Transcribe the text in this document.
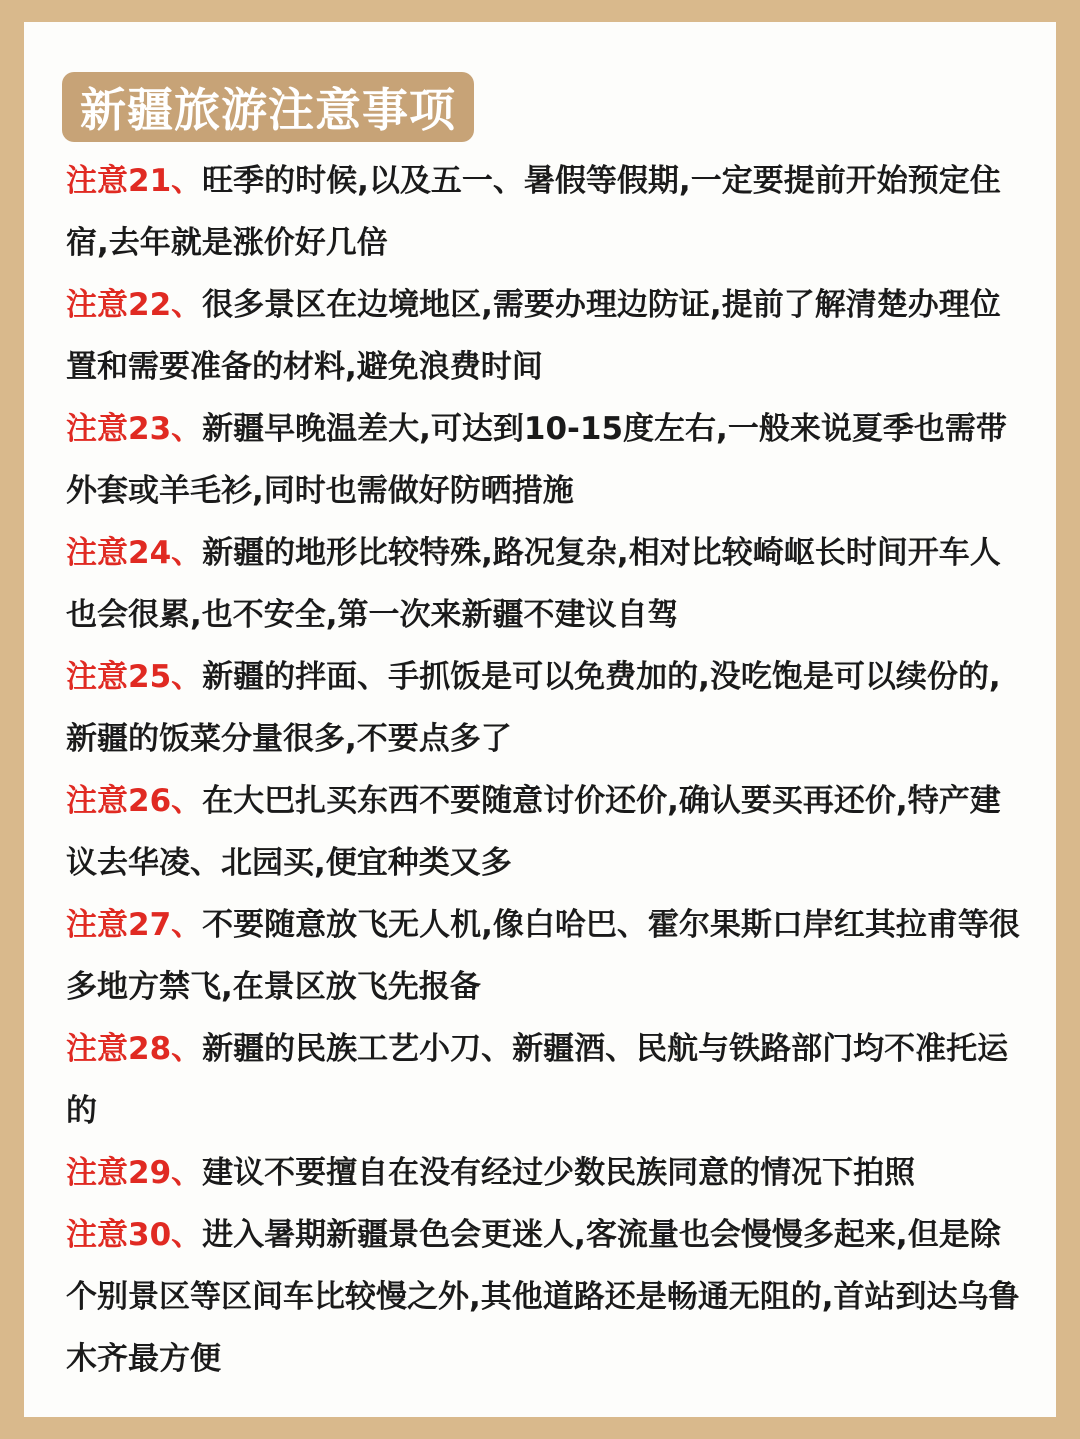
新疆旅游注意事项
注意21、旺季的时候,以及五一、暑假等假期,一定要提前开始预定住宿,去年就是涨价好几倍
注意22、很多景区在边境地区,需要办理边防证,提前了解清楚办理位置和需要准备的材料,避免浪费时间
注意23、新疆早晚温差大,可达到10-15度左右,一般来说夏季也需带外套或羊毛衫,同时也需做好防晒措施
注意24、新疆的地形比较特殊,路况复杂,相对比较崎岖长时间开车人也会很累,也不安全,第一次来新疆不建议自驾
注意25、新疆的拌面、手抓饭是可以免费加的,没吃饱是可以续份的,新疆的饭菜分量很多,不要点多了
注意26、在大巴扎买东西不要随意讨价还价,确认要买再还价,特产建议去华凌、北园买,便宜种类又多
注意27、不要随意放飞无人机,像白哈巴、霍尔果斯口岸红其拉甫等很多地方禁飞,在景区放飞先报备
注意28、新疆的民族工艺小刀、新疆酒、民航与铁路部门均不准托运的
注意29、建议不要擅自在没有经过少数民族同意的情况下拍照
注意30、进入暑期新疆景色会更迷人,客流量也会慢慢多起来,但是除个别景区等区间车比较慢之外,其他道路还是畅通无阻的,首站到达乌鲁木齐最方便
